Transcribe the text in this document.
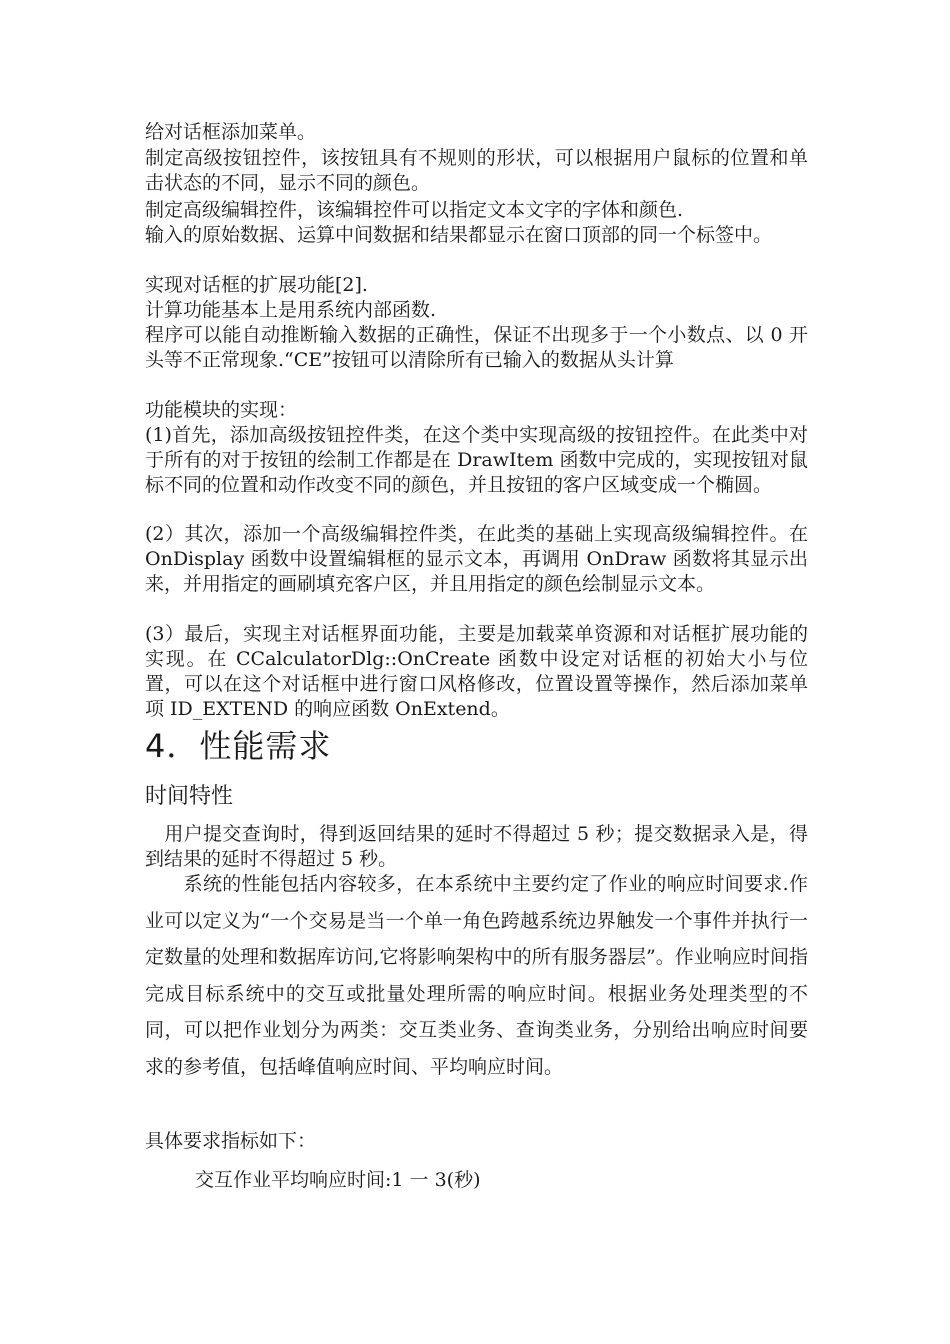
给对话框添加菜单。
制定高级按钮控件，该按钮具有不规则的形状，可以根据用户鼠标的位置和单击状态的不同，显示不同的颜色。
制定高级编辑控件，该编辑控件可以指定文本文字的字体和颜色.
输入的原始数据、运算中间数据和结果都显示在窗口顶部的同一个标签中。
实现对话框的扩展功能[2].
计算功能基本上是用系统内部函数.
程序可以能自动推断输入数据的正确性，保证不出现多于一个小数点、以 0 开头等不正常现象.“CE”按钮可以清除所有已输入的数据从头计算
功能模块的实现：
(1)首先，添加高级按钮控件类，在这个类中实现高级的按钮控件。在此类中对于所有的对于按钮的绘制工作都是在 DrawItem 函数中完成的，实现按钮对鼠标不同的位置和动作改变不同的颜色，并且按钮的客户区域变成一个椭圆。
(2）其次，添加一个高级编辑控件类，在此类的基础上实现高级编辑控件。在 OnDisplay 函数中设置编辑框的显示文本，再调用 OnDraw 函数将其显示出来，并用指定的画刷填充客户区，并且用指定的颜色绘制显示文本。
(3）最后，实现主对话框界面功能，主要是加载菜单资源和对话框扩展功能的实现。在 CCalculatorDlg::OnCreate 函数中设定对话框的初始大小与位置，可以在这个对话框中进行窗口风格修改，位置设置等操作，然后添加菜单项 ID_EXTEND 的响应函数 OnExtend。
4．性能需求
时间特性
　用户提交查询时，得到返回结果的延时不得超过 5 秒；提交数据录入是，得到结果的延时不得超过 5 秒。
　　系统的性能包括内容较多，在本系统中主要约定了作业的响应时间要求.作业可以定义为“一个交易是当一个单一角色跨越系统边界触发一个事件并执行一定数量的处理和数据库访问,它将影响架构中的所有服务器层”。作业响应时间指完成目标系统中的交互或批量处理所需的响应时间。根据业务处理类型的不同，可以把作业划分为两类：交互类业务、查询类业务，分别给出响应时间要求的参考值，包括峰值响应时间、平均响应时间。
具体要求指标如下：
交互作业平均响应时间:1 一 3(秒)
